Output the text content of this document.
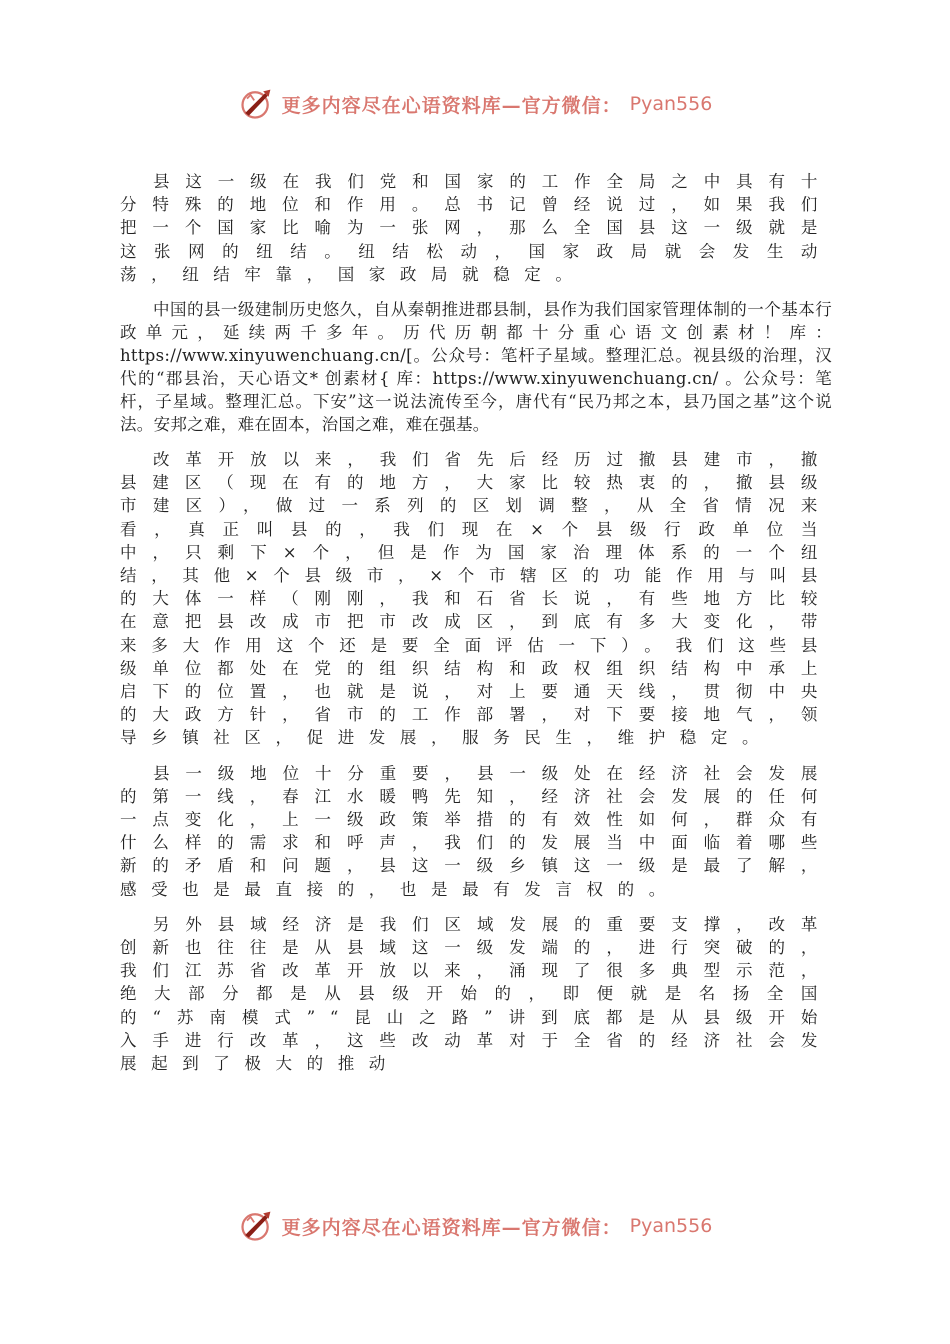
更多内容尽在心语资料库—官方微信： Pyan556

县这一级在我们党和国家的工作全局之中具有十分特殊的地位和作用。总书记曾经说过，如果我们把一个国家比喻为一张网，那么全国县这一级就是这张网的纽结。纽结松动，国家政局就会发生动荡，纽结牢靠，国家政局就稳定。

中国的县一级建制历史悠久，自从秦朝推进郡县制，县作为我们国家管理体制的一个基本行政单元，延续两千多年。历代历朝都十分重心语文创素材！库：https://www.xinyuwenchuang.cn/[。公众号：笔杆子星域。整理汇总。视县级的治理，汉代的“郡县治，天心语文* 创素材{ 库：https://www.xinyuwenchuang.cn/ 。公众号：笔杆，子星域。整理汇总。下安”这一说法流传至今，唐代有“民乃邦之本，县乃国之基”这个说法。安邦之难，难在固本，治国之难，难在强基。

改革开放以来，我们省先后经历过撤县建市，撤县建区（现在有的地方，大家比较热衷的，撤县级市建区），做过一系列的区划调整，从全省情况来看，真正叫县的，我们现在×个县级行政单位当中，只剩下×个，但是作为国家治理体系的一个纽结，其他×个县级市，×个市辖区的功能作用与叫县的大体一样（刚刚，我和石省长说，有些地方比较在意把县改成市把市改成区，到底有多大变化，带来多大作用这个还是要全面评估一下）。我们这些县级单位都处在党的组织结构和政权组织结构中承上启下的位置，也就是说，对上要通天线，贯彻中央的大政方针，省市的工作部署，对下要接地气，领导乡镇社区，促进发展，服务民生，维护稳定。

县一级地位十分重要，县一级处在经济社会发展的第一线，春江水暖鸭先知，经济社会发展的任何一点变化，上一级政策举措的有效性如何，群众有什么样的需求和呼声，我们的发展当中面临着哪些新的矛盾和问题，县这一级乡镇这一级是最了解，感受也是最直接的，也是最有发言权的。

另外县域经济是我们区域发展的重要支撑，改革创新也往往是从县域这一级发端的，进行突破的，我们江苏省改革开放以来，涌现了很多典型示范，绝大部分都是从县级开始的，即便就是名扬全国的“苏南模式”“昆山之路”讲到底都是从县级开始入手进行改革，这些改动革对于全省的经济社会发展起到了极大的推动

更多内容尽在心语资料库—官方微信： Pyan556
